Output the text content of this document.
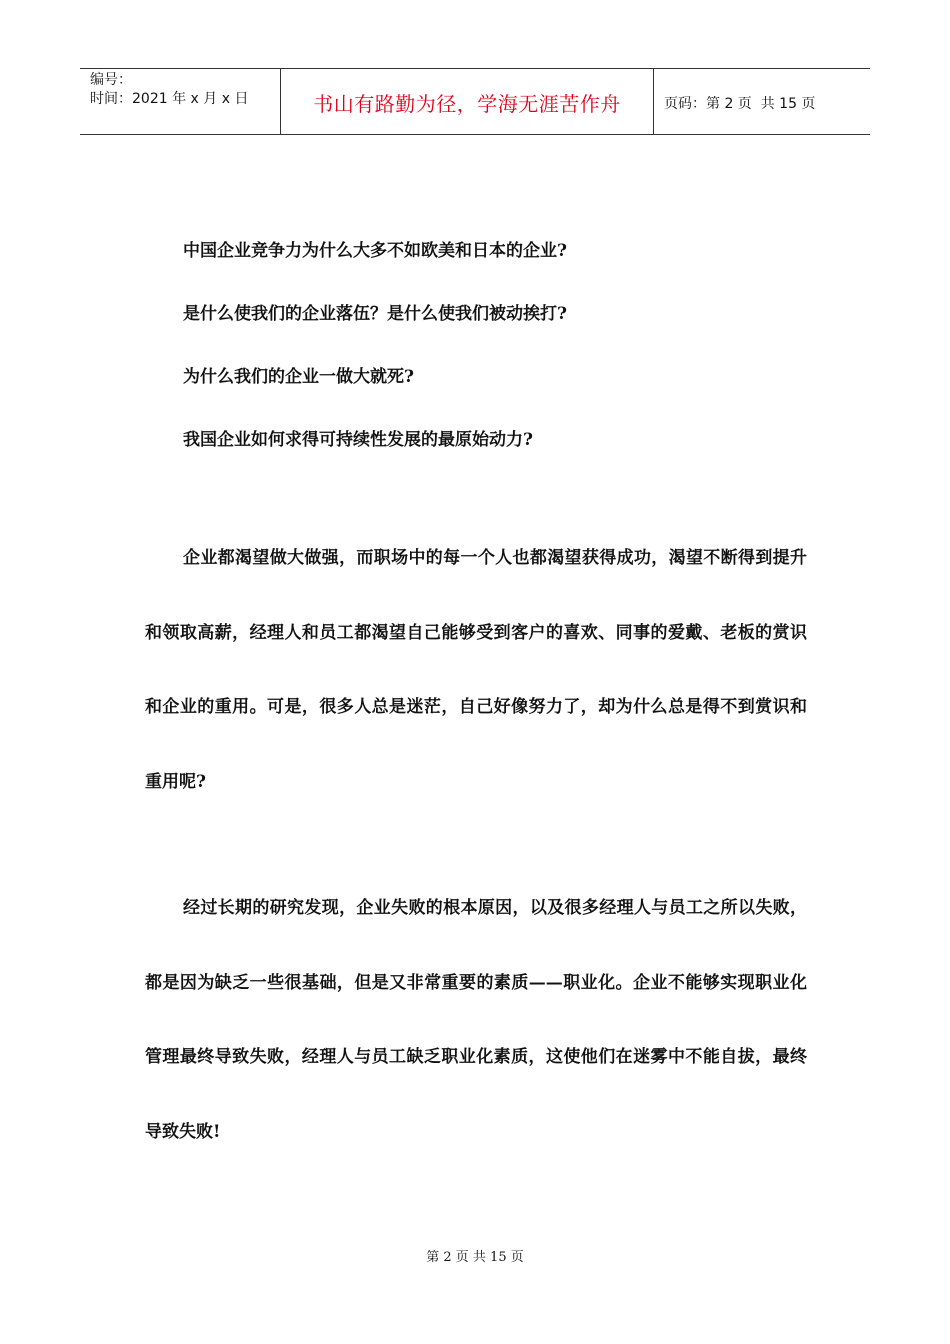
编号：
时间：2021 年 x 月 x 日	书山有路勤为径，学海无涯苦作舟	页码：第 2 页  共 15 页
中国企业竞争力为什么大多不如欧美和日本的企业?
是什么使我们的企业落伍？是什么使我们被动挨打?
为什么我们的企业一做大就死?
我国企业如何求得可持续性发展的最原始动力?

企业都渴望做大做强，而职场中的每一个人也都渴望获得成功，渴望不断得到提升和领取高薪，经理人和员工都渴望自己能够受到客户的喜欢、同事的爱戴、老板的赏识和企业的重用。可是，很多人总是迷茫，自己好像努力了，却为什么总是得不到赏识和重用呢?

经过长期的研究发现，企业失败的根本原因，以及很多经理人与员工之所以失败，都是因为缺乏一些很基础，但是又非常重要的素质——职业化。企业不能够实现职业化管理最终导致失败，经理人与员工缺乏职业化素质，这使他们在迷雾中不能自拔，最终导致失败!

第 2 页 共 15 页
